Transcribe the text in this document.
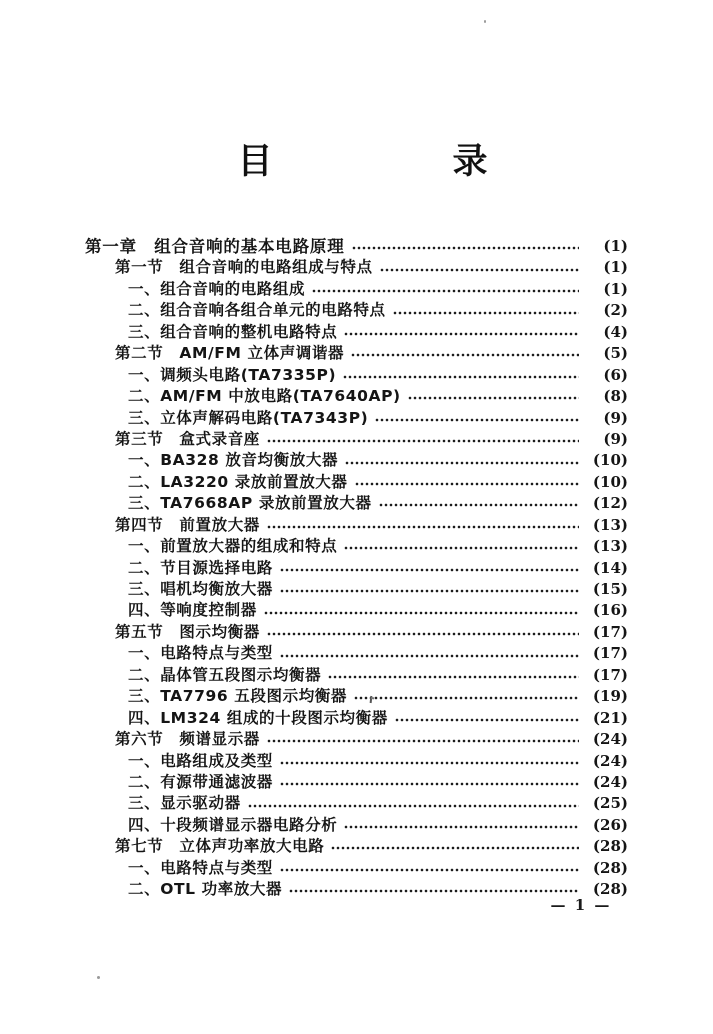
目	录
第一章　组合音响的基本电路原理	(1)
第一节　组合音响的电路组成与特点	(1)
一、组合音响的电路组成	(1)
二、组合音响各组合单元的电路特点	(2)
三、组合音响的整机电路特点	(4)
第二节　AM/FM 立体声调谐器	(5)
一、调频头电路(TA7335P)	(6)
二、AM/FM 中放电路(TA7640AP)	(8)
三、立体声解码电路(TA7343P)	(9)
第三节　盒式录音座	(9)
一、BA328 放音均衡放大器	(10)
二、LA3220 录放前置放大器	(10)
三、TA7668AP 录放前置放大器	(12)
第四节　前置放大器	(13)
一、前置放大器的组成和特点	(13)
二、节目源选择电路	(14)
三、唱机均衡放大器	(15)
四、等响度控制器	(16)
第五节　图示均衡器	(17)
一、电路特点与类型	(17)
二、晶体管五段图示均衡器	(17)
三、TA7796 五段图示均衡器	(19)
四、LM324 组成的十段图示均衡器	(21)
第六节　频谱显示器	(24)
一、电路组成及类型	(24)
二、有源带通滤波器	(24)
三、显示驱动器	(25)
四、十段频谱显示器电路分析	(26)
第七节　立体声功率放大电路	(28)
一、电路特点与类型	(28)
二、OTL 功率放大器	(28)
— 1 —
